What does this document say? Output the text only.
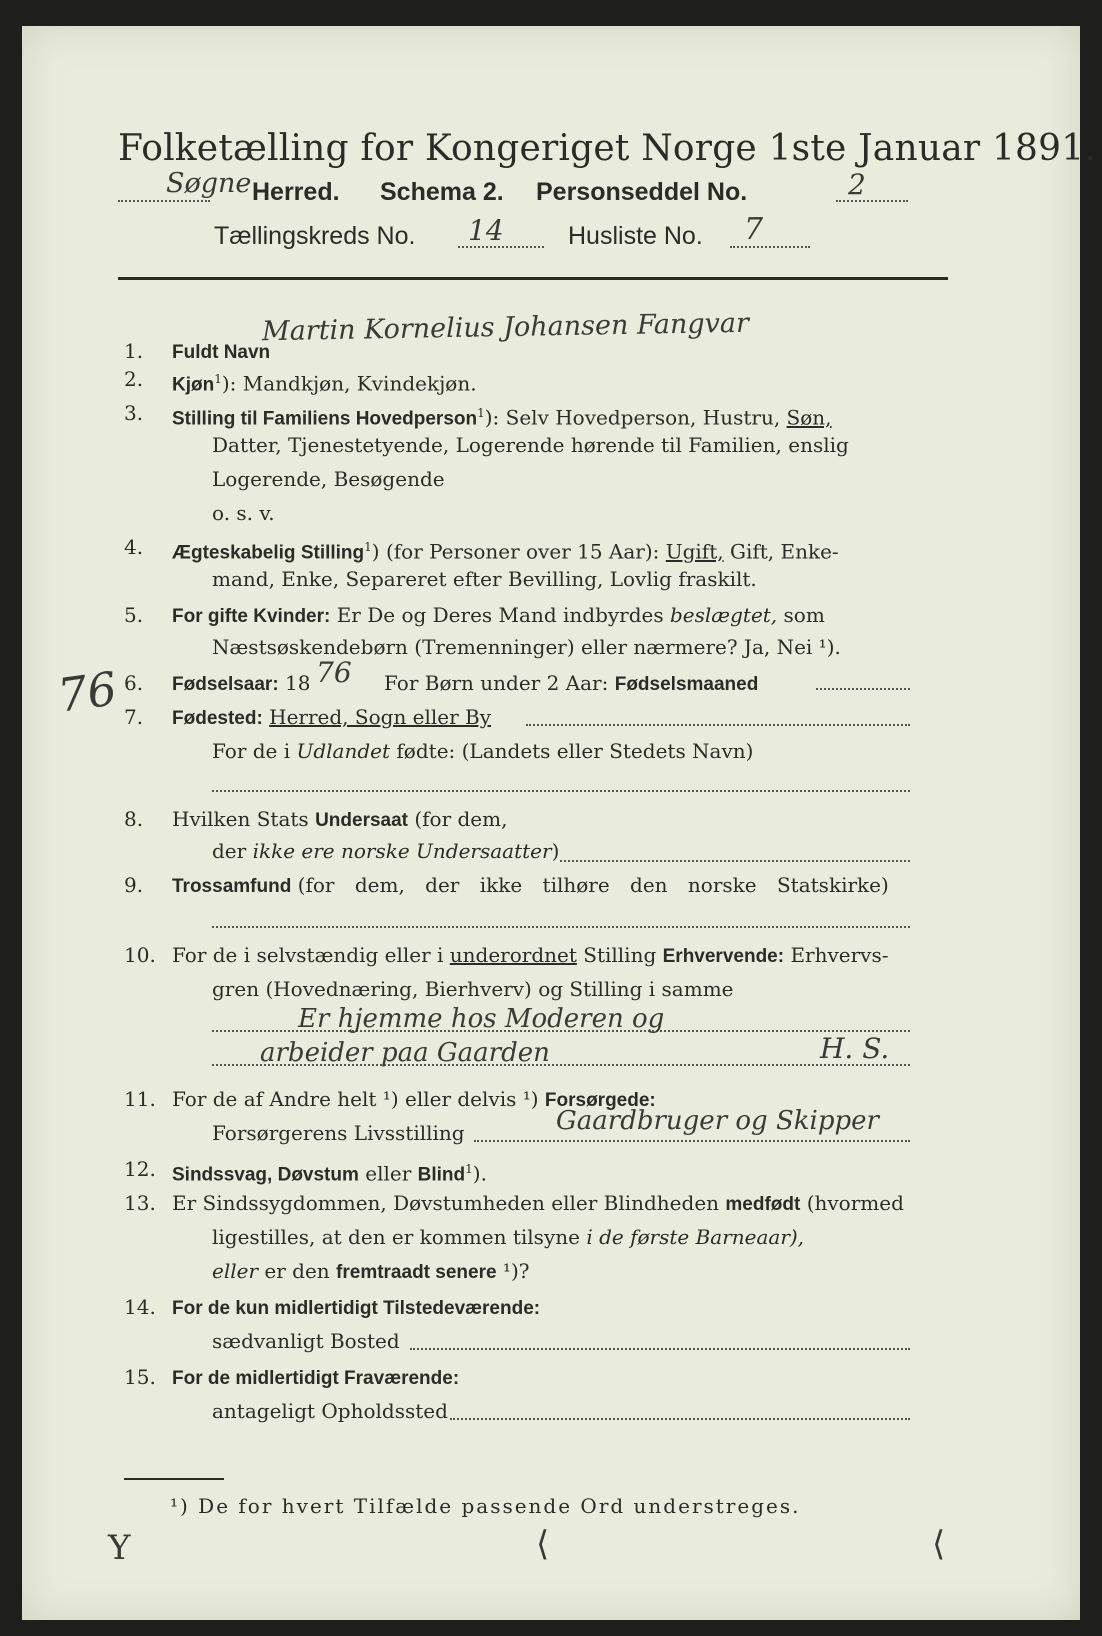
Folketælling for Kongeriget Norge 1ste Januar 1891.
Søgne Herred. Schema 2. Personseddel No.	2
Tællingskreds No. 14	Husliste No. 7
76
1.	Fuldt Navn
Martin Kornelius Johansen Fangvar
2.	Kjøn$^1$): Mandkjøn, Kvindekjøn.
3.	Stilling til Familiens Hovedperson$^1$): Selv Hovedperson, Hustru, Søn,
Datter, Tjenestetyende, Logerende hørende til Familien, enslig
Logerende, Besøgende
o. s. v.
4.	Ægteskabelig Stilling$^1$) (for Personer over 15 Aar): Ugift, Gift, Enke-
mand, Enke, Separeret efter Bevilling, Lovlig fraskilt.
5.	For gifte Kvinder: Er De og Deres Mand indbyrdes beslægtet, som
Næstsøskendebørn (Tremenninger) eller nærmere? Ja, Nei ¹).
6.	Fødselsaar: 18 76 For Børn under 2 Aar: Fødselsmaaned
7.	Fødested: Herred, Sogn eller By
For de i Udlandet fødte: (Landets eller Stedets Navn)
8.	Hvilken Stats Undersaat (for dem,
der ikke ere norske Undersaatter)
9.	Trossamfund (for dem, der ikke tilhøre den norske Statskirke)
10. For de i selvstændig eller i underordnet Stilling Erhvervende: Erhvervs-
gren (Hovednæring, Bierhverv) og Stilling i samme
Er hjemme hos Moderen og
arbeider paa Gaarden	H. S.
11. For de af Andre helt ¹) eller delvis ¹) Forsørgede:
Forsørgerens Livsstilling	Gaardbruger og Skipper
12. Sindssvag, Døvstum eller Blind$^1$).
13. Er Sindssygdommen, Døvstumheden eller Blindheden medfødt (hvormed
ligestilles, at den er kommen tilsyne i de første Barneaar),
eller er den fremtraadt senere ¹)?
14. For de kun midlertidigt Tilstedeværende:
sædvanligt Bosted
15. For de midlertidigt Fraværende:
antageligt Opholdssted
¹) De for hvert Tilfælde passende Ord understreges.
Y	⟨	⟨
